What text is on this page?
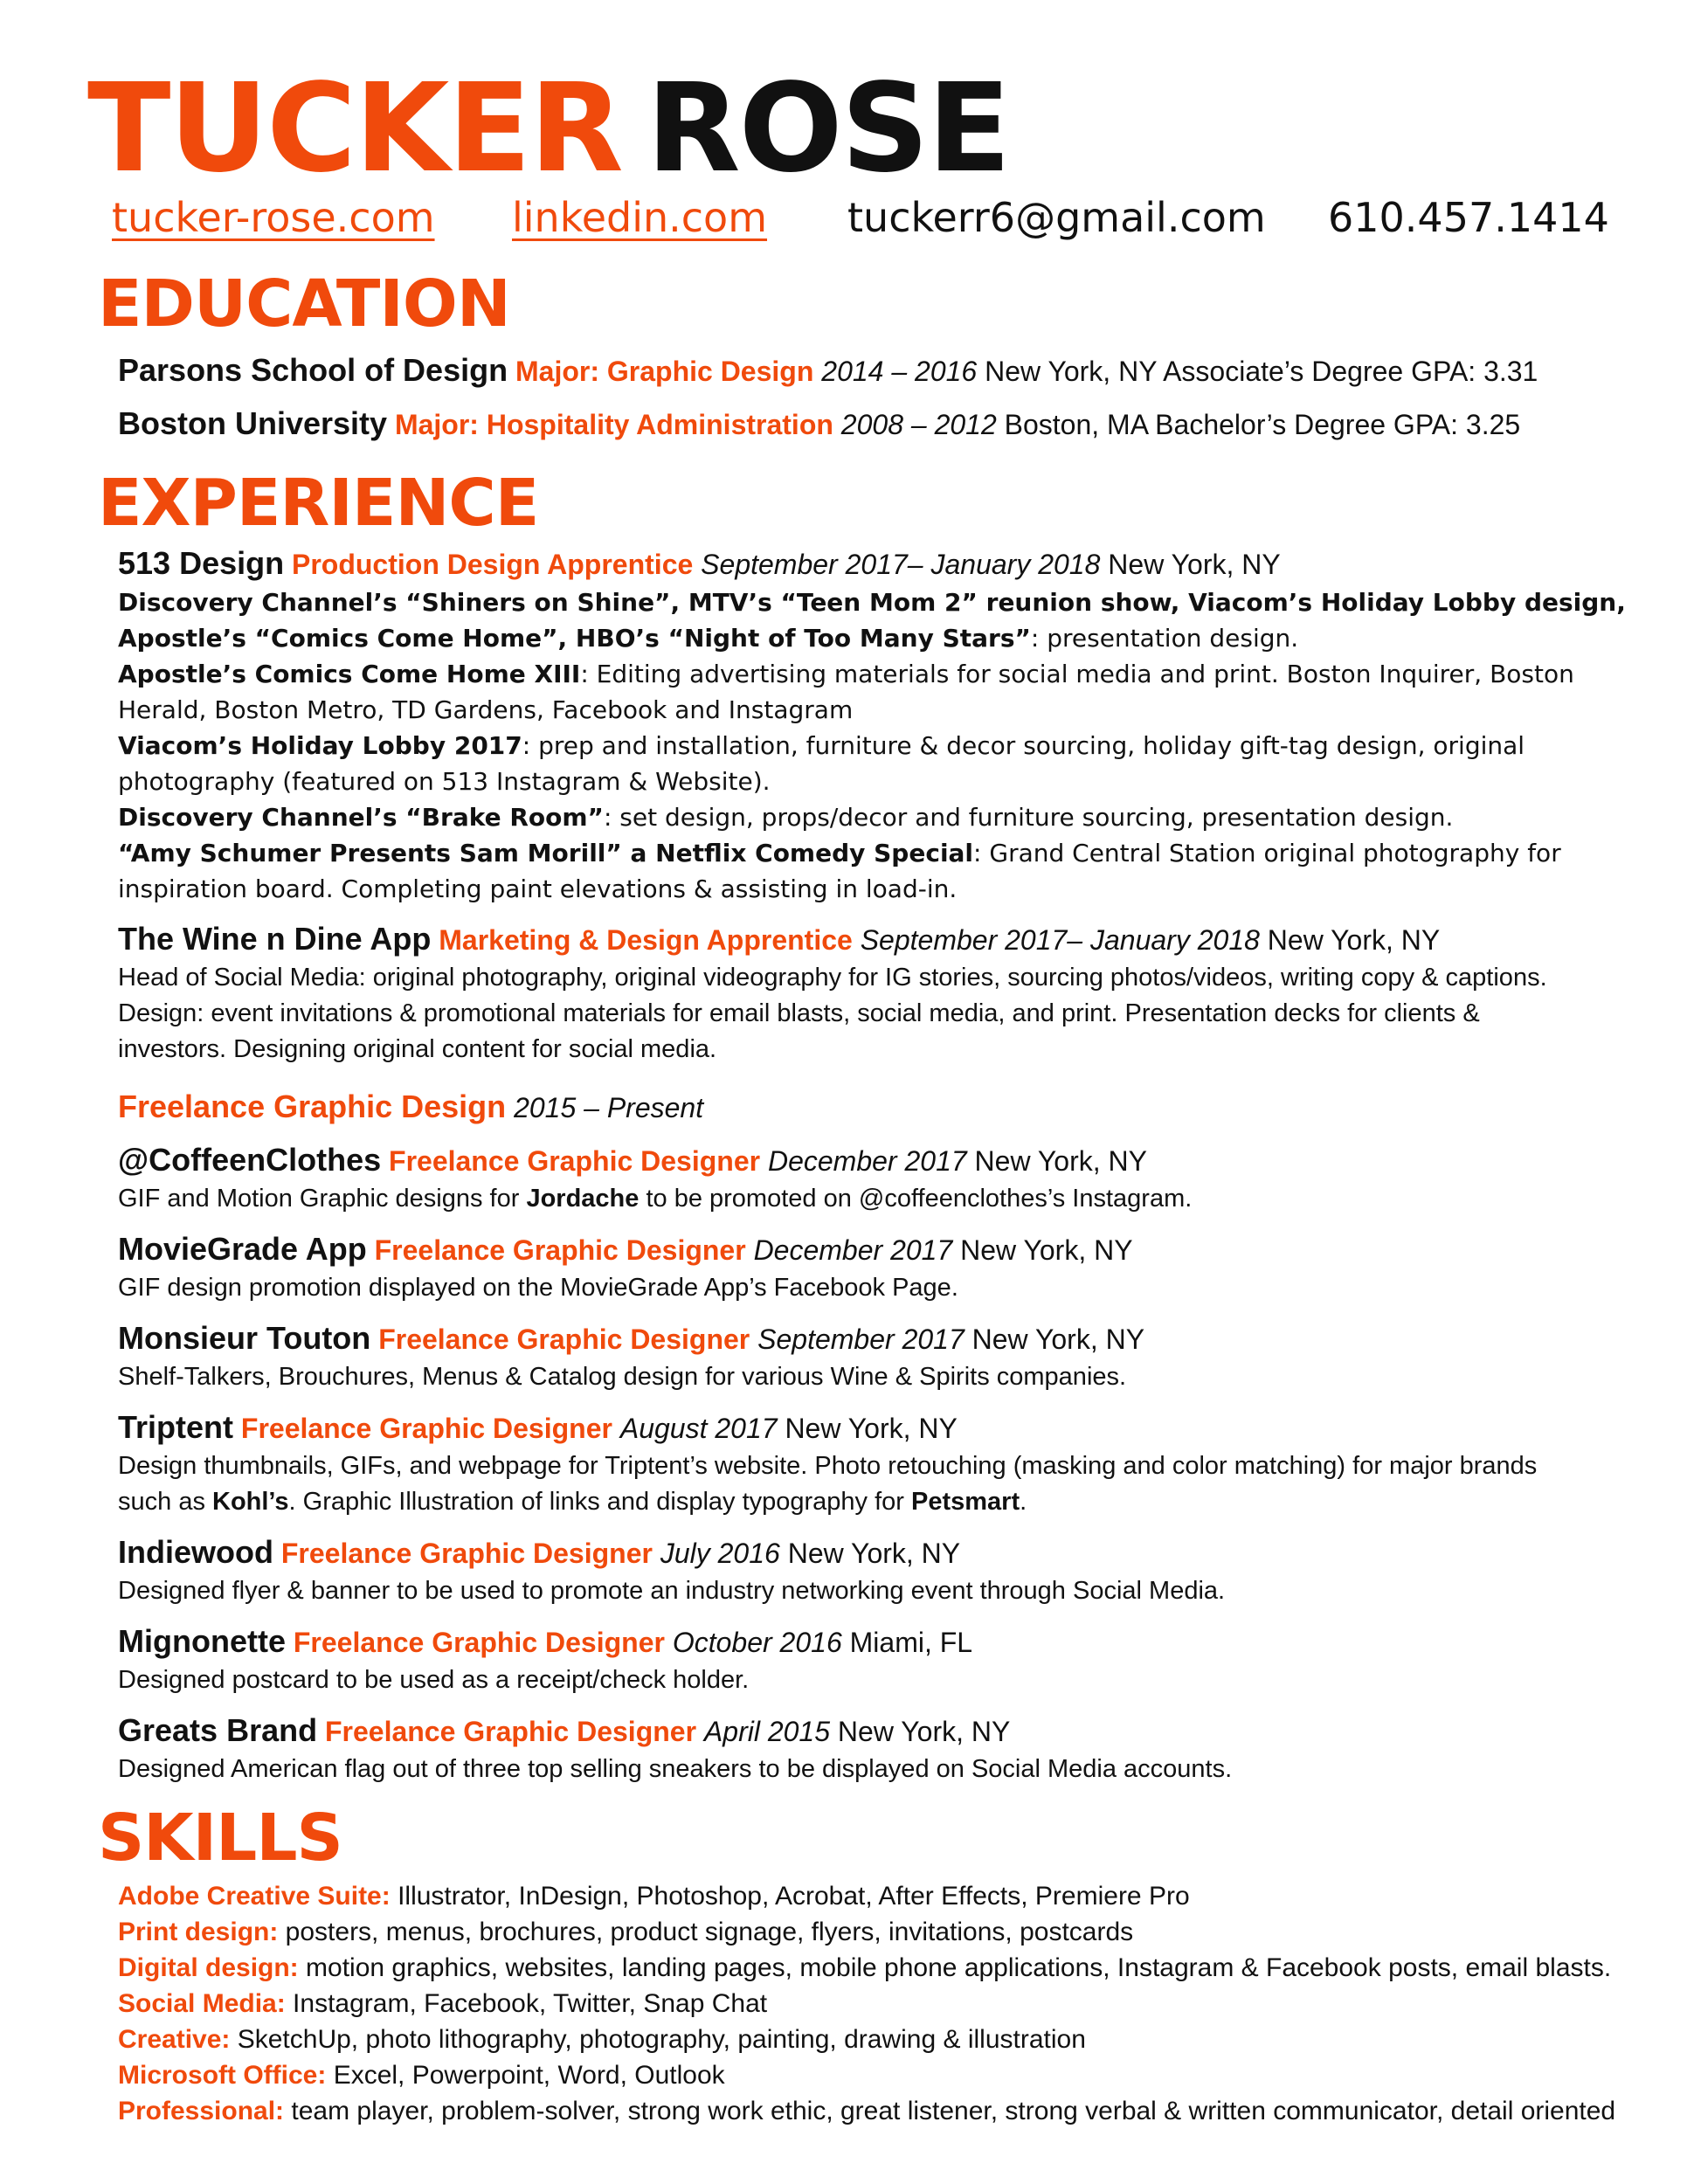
TUCKER ROSE
tucker-rose.com linkedin.com tuckerr6@gmail.com 610.457.1414
EDUCATION
Parsons School of Design Major: Graphic Design 2014 – 2016 New York, NY Associate’s Degree GPA: 3.31
Boston University Major: Hospitality Administration 2008 – 2012 Boston, MA Bachelor’s Degree GPA: 3.25
EXPERIENCE
513 Design Production Design Apprentice September 2017– January 2018 New York, NY
Discovery Channel’s “Shiners on Shine”, MTV’s “Teen Mom 2” reunion show, Viacom’s Holiday Lobby design,
Apostle’s “Comics Come Home”, HBO’s “Night of Too Many Stars”: presentation design.
Apostle’s Comics Come Home XIII: Editing advertising materials for social media and print. Boston Inquirer, Boston
Herald, Boston Metro, TD Gardens, Facebook and Instagram
Viacom’s Holiday Lobby 2017: prep and installation, furniture & decor sourcing, holiday gift-tag design, original
photography (featured on 513 Instagram & Website).
Discovery Channel’s “Brake Room”: set design, props/decor and furniture sourcing, presentation design.
“Amy Schumer Presents Sam Morill” a Netflix Comedy Special: Grand Central Station original photography for
inspiration board. Completing paint elevations & assisting in load-in.
The Wine n Dine App Marketing & Design Apprentice September 2017– January 2018 New York, NY
Head of Social Media: original photography, original videography for IG stories, sourcing photos/videos, writing copy & captions.
Design: event invitations & promotional materials for email blasts, social media, and print. Presentation decks for clients &
investors. Designing original content for social media.
Freelance Graphic Design 2015 – Present
@CoffeenClothes Freelance Graphic Designer December 2017 New York, NY
GIF and Motion Graphic designs for Jordache to be promoted on @coffeenclothes’s Instagram.
MovieGrade App Freelance Graphic Designer December 2017 New York, NY
GIF design promotion displayed on the MovieGrade App’s Facebook Page.
Monsieur Touton Freelance Graphic Designer September 2017 New York, NY
Shelf-Talkers, Brouchures, Menus & Catalog design for various Wine & Spirits companies.
Triptent Freelance Graphic Designer August 2017 New York, NY
Design thumbnails, GIFs, and webpage for Triptent’s website. Photo retouching (masking and color matching) for major brands
such as Kohl’s. Graphic Illustration of links and display typography for Petsmart.
Indiewood Freelance Graphic Designer July 2016 New York, NY
Designed flyer & banner to be used to promote an industry networking event through Social Media.
Mignonette Freelance Graphic Designer October 2016 Miami, FL
Designed postcard to be used as a receipt/check holder.
Greats Brand Freelance Graphic Designer April 2015 New York, NY
Designed American flag out of three top selling sneakers to be displayed on Social Media accounts.
SKILLS
Adobe Creative Suite: Illustrator, InDesign, Photoshop, Acrobat, After Effects, Premiere Pro
Print design: posters, menus, brochures, product signage, flyers, invitations, postcards
Digital design: motion graphics, websites, landing pages, mobile phone applications, Instagram & Facebook posts, email blasts.
Social Media: Instagram, Facebook, Twitter, Snap Chat
Creative: SketchUp, photo lithography, photography, painting, drawing & illustration
Microsoft Office: Excel, Powerpoint, Word, Outlook
Professional: team player, problem-solver, strong work ethic, great listener, strong verbal & written communicator, detail oriented
